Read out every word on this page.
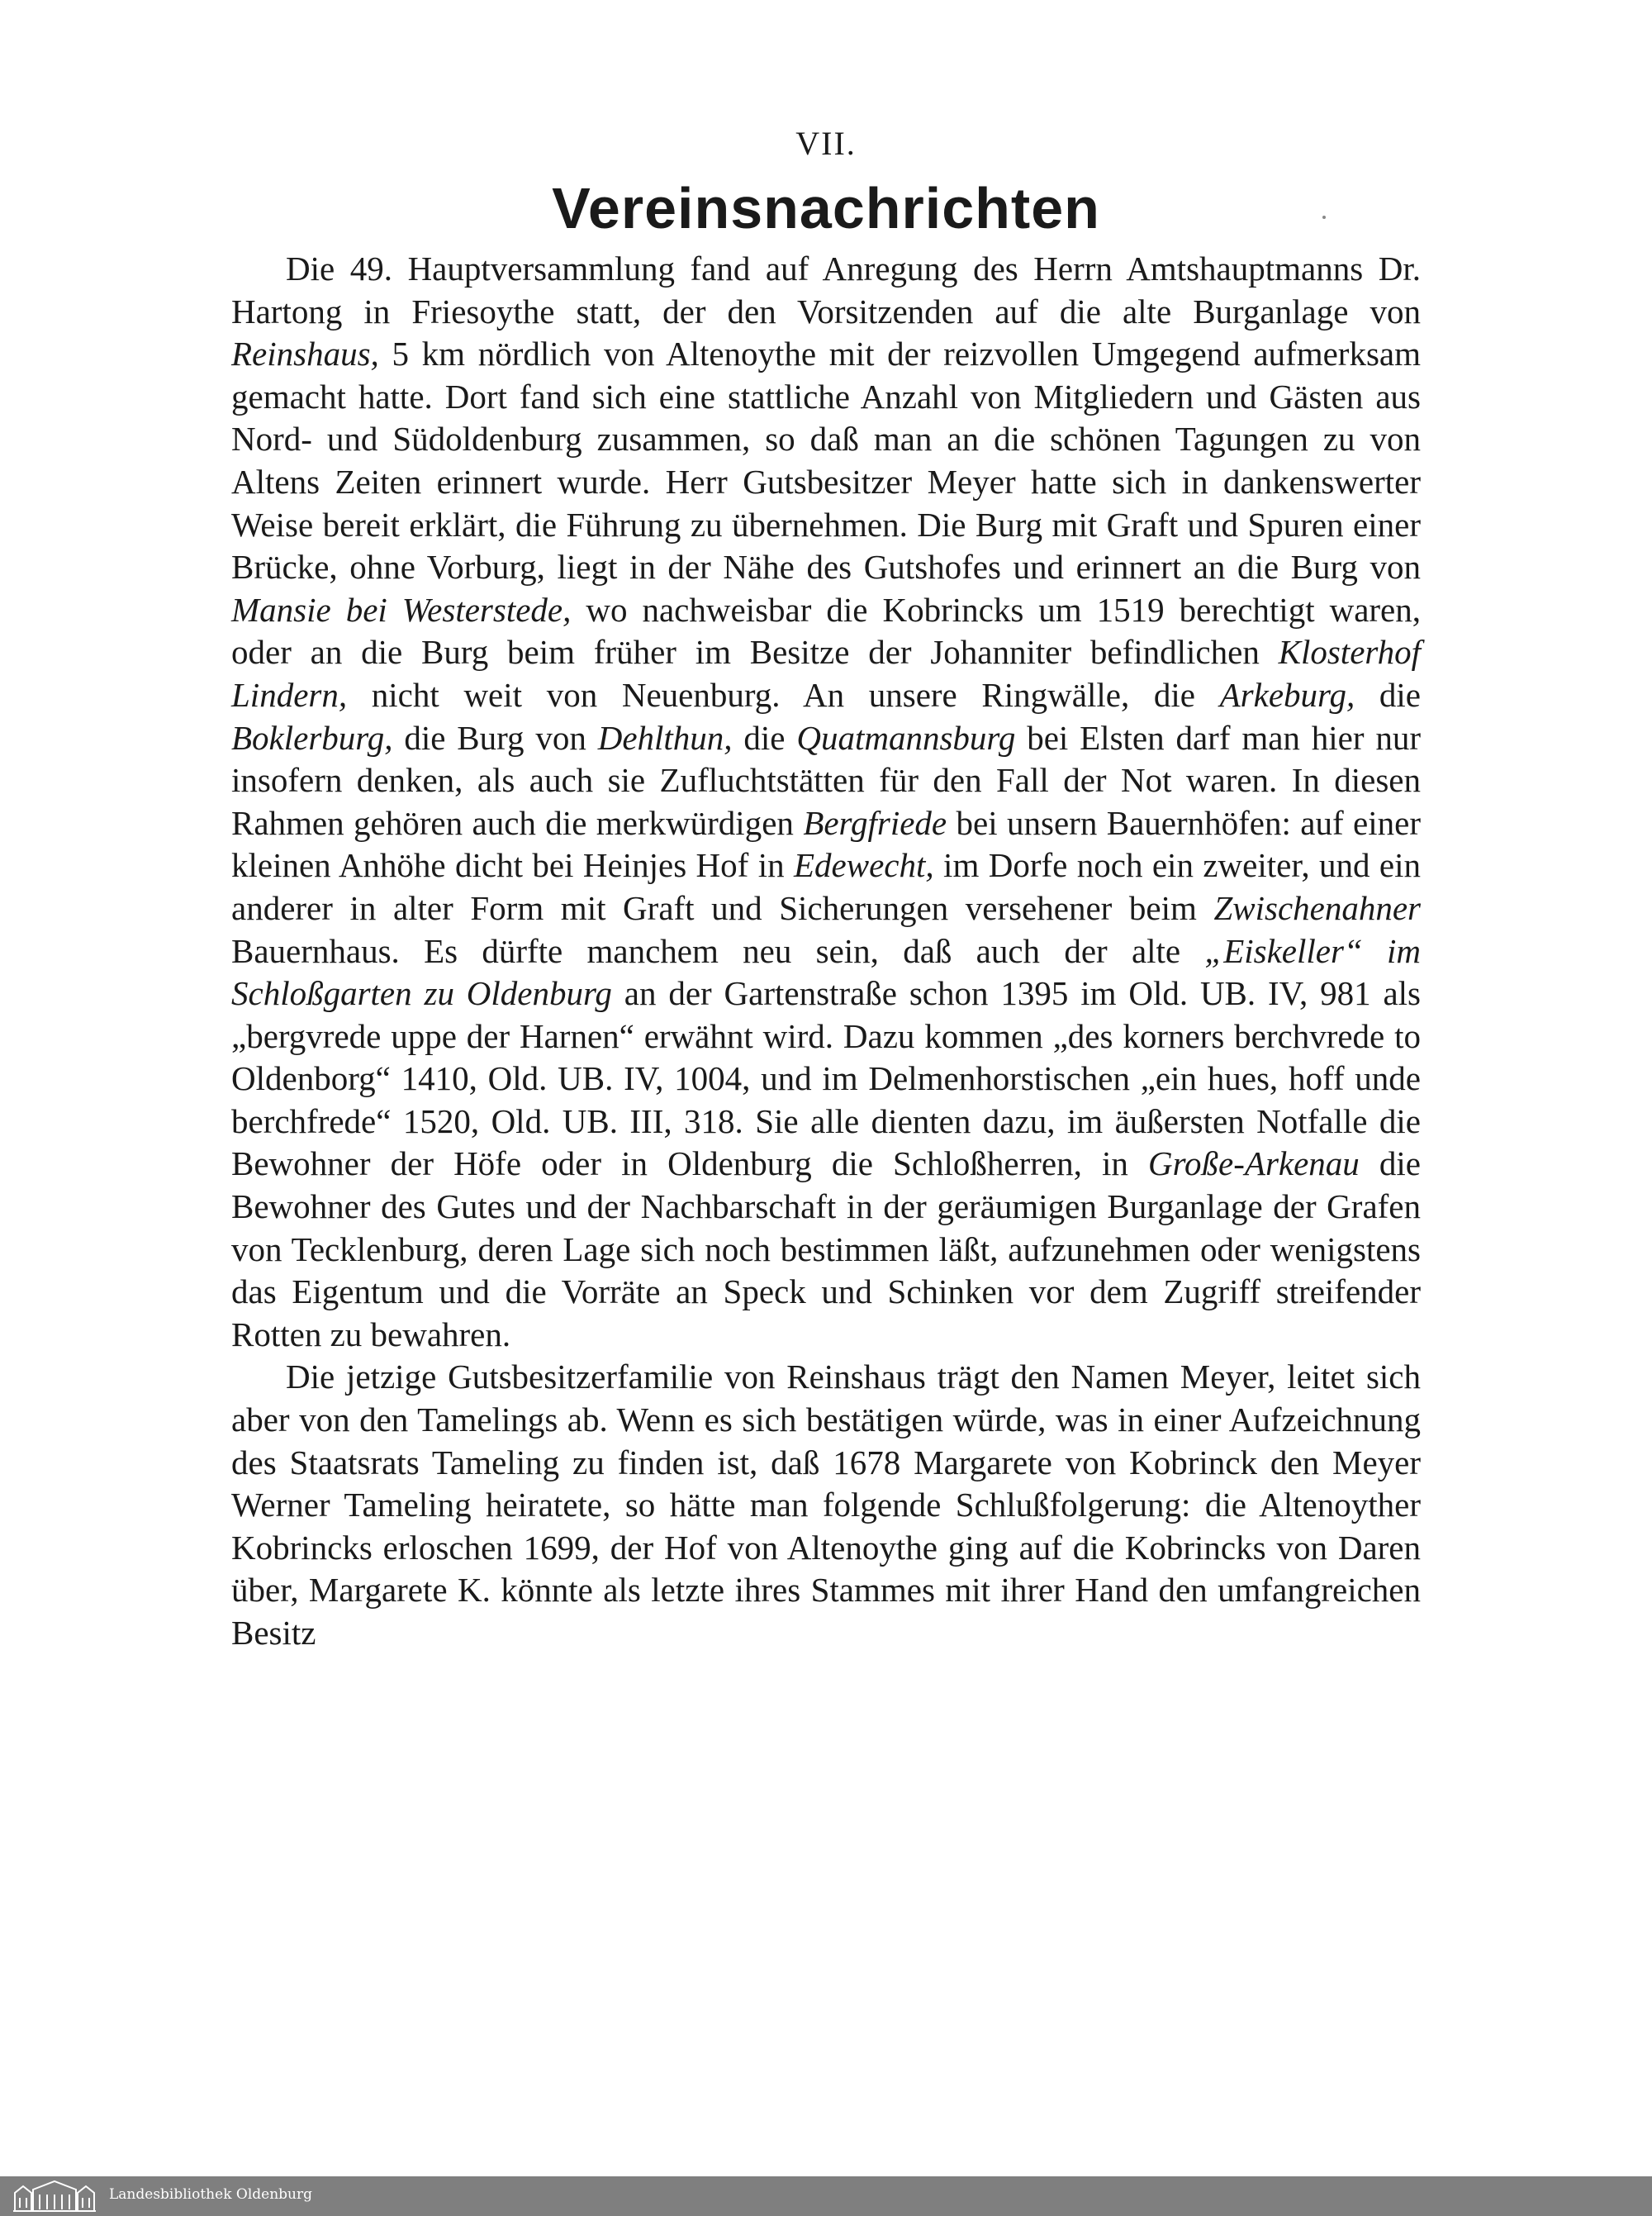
VII.
Vereinsnachrichten

Die 49. Hauptversammlung fand auf Anregung des Herrn Amtshauptmanns Dr. Hartong in Friesoythe statt, der den Vorsitzenden auf die alte Burganlage von Reinshaus, 5 km nördlich von Altenoythe mit der reizvollen Umgegend aufmerksam gemacht hatte. Dort fand sich eine stattliche Anzahl von Mitgliedern und Gästen aus Nord- und Südoldenburg zusammen, so daß man an die schönen Tagungen zu von Altens Zeiten erinnert wurde. Herr Gutsbesitzer Meyer hatte sich in dankenswerter Weise bereit erklärt, die Führung zu übernehmen. Die Burg mit Graft und Spuren einer Brücke, ohne Vorburg, liegt in der Nähe des Gutshofes und erinnert an die Burg von Mansie bei Westerstede, wo nachweisbar die Kobrincks um 1519 berechtigt waren, oder an die Burg beim früher im Besitze der Johanniter befindlichen Klosterhof Lindern, nicht weit von Neuenburg. An unsere Ringwälle, die Arkeburg, die Boklerburg, die Burg von Dehlthun, die Quatmannsburg bei Elsten darf man hier nur insofern denken, als auch sie Zufluchtstätten für den Fall der Not waren. In diesen Rahmen gehören auch die merkwürdigen Bergfriede bei unsern Bauernhöfen: auf einer kleinen Anhöhe dicht bei Heinjes Hof in Edewecht, im Dorfe noch ein zweiter, und ein anderer in alter Form mit Graft und Sicherungen versehener beim Zwischenahner Bauernhaus. Es dürfte manchem neu sein, daß auch der alte „Eiskeller“ im Schloßgarten zu Oldenburg an der Gartenstraße schon 1395 im Old. UB. IV, 981 als „bergvrede uppe der Harnen“ erwähnt wird. Dazu kommen „des korners berchvrede to Oldenborg“ 1410, Old. UB. IV, 1004, und im Delmenhorstischen „ein hues, hoff unde berchfrede“ 1520, Old. UB. III, 318. Sie alle dienten dazu, im äußersten Notfalle die Bewohner der Höfe oder in Oldenburg die Schloßherren, in Große-Arkenau die Bewohner des Gutes und der Nachbarschaft in der geräumigen Burganlage der Grafen von Tecklenburg, deren Lage sich noch bestimmen läßt, aufzunehmen oder wenigstens das Eigentum und die Vorräte an Speck und Schinken vor dem Zugriff streifender Rotten zu bewahren.

Die jetzige Gutsbesitzerfamilie von Reinshaus trägt den Namen Meyer, leitet sich aber von den Tamelings ab. Wenn es sich bestätigen würde, was in einer Aufzeichnung des Staatsrats Tameling zu finden ist, daß 1678 Margarete von Kobrinck den Meyer Werner Tameling heiratete, so hätte man folgende Schlußfolgerung: die Altenoyther Kobrincks erloschen 1699, der Hof von Altenoythe ging auf die Kobrincks von Daren über, Margarete K. könnte als letzte ihres Stammes mit ihrer Hand den umfangreichen Besitz

Landesbibliothek Oldenburg
